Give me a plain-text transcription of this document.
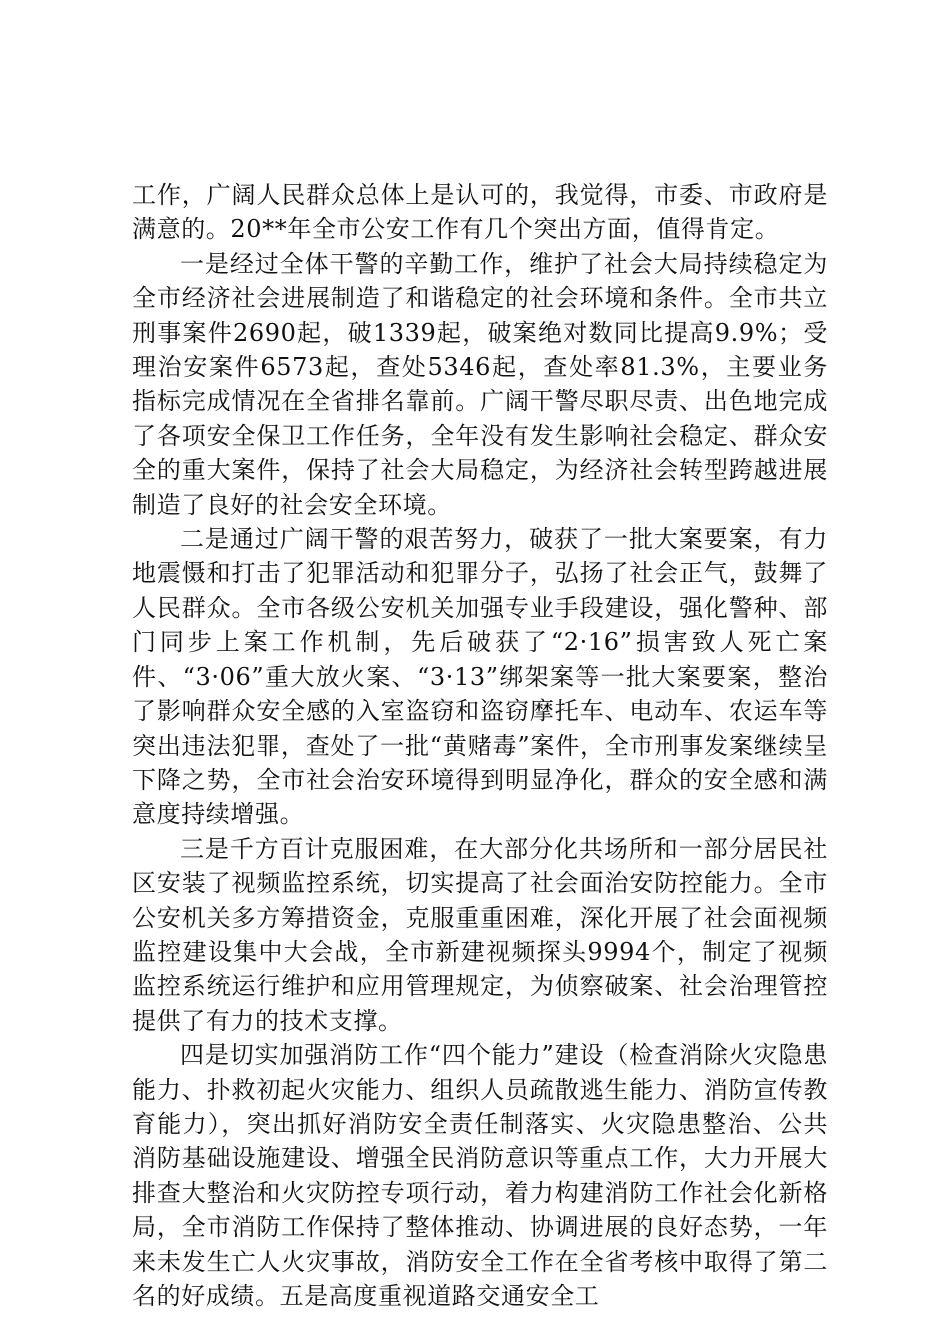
工作，广阔人民群众总体上是认可的，我觉得，市委、市政府是满意的。20**年全市公安工作有几个突出方面，值得肯定。

一是经过全体干警的辛勤工作，维护了社会大局持续稳定为全市经济社会进展制造了和谐稳定的社会环境和条件。全市共立刑事案件2690起，破1339起，破案绝对数同比提高9.9%；受理治安案件6573起，查处5346起，查处率81.3%，主要业务指标完成情况在全省排名靠前。广阔干警尽职尽责、出色地完成了各项安全保卫工作任务，全年没有发生影响社会稳定、群众安全的重大案件，保持了社会大局稳定，为经济社会转型跨越进展制造了良好的社会安全环境。

二是通过广阔干警的艰苦努力，破获了一批大案要案，有力地震慑和打击了犯罪活动和犯罪分子，弘扬了社会正气，鼓舞了人民群众。全市各级公安机关加强专业手段建设，强化警种、部门同步上案工作机制，先后破获了“2·16”损害致人死亡案件、“3·06”重大放火案、“3·13”绑架案等一批大案要案，整治了影响群众安全感的入室盗窃和盗窃摩托车、电动车、农运车等突出违法犯罪，查处了一批“黄赌毒”案件，全市刑事发案继续呈下降之势，全市社会治安环境得到明显净化，群众的安全感和满意度持续增强。

三是千方百计克服困难，在大部分化共场所和一部分居民社区安装了视频监控系统，切实提高了社会面治安防控能力。全市公安机关多方筹措资金，克服重重困难，深化开展了社会面视频监控建设集中大会战，全市新建视频探头9994个，制定了视频监控系统运行维护和应用管理规定，为侦察破案、社会治理管控提供了有力的技术支撑。

四是切实加强消防工作“四个能力”建设（检查消除火灾隐患能力、扑救初起火灾能力、组织人员疏散逃生能力、消防宣传教育能力），突出抓好消防安全责任制落实、火灾隐患整治、公共消防基础设施建设、增强全民消防意识等重点工作，大力开展大排查大整治和火灾防控专项行动，着力构建消防工作社会化新格局，全市消防工作保持了整体推动、协调进展的良好态势，一年来未发生亡人火灾事故，消防安全工作在全省考核中取得了第二名的好成绩。五是高度重视道路交通安全工
